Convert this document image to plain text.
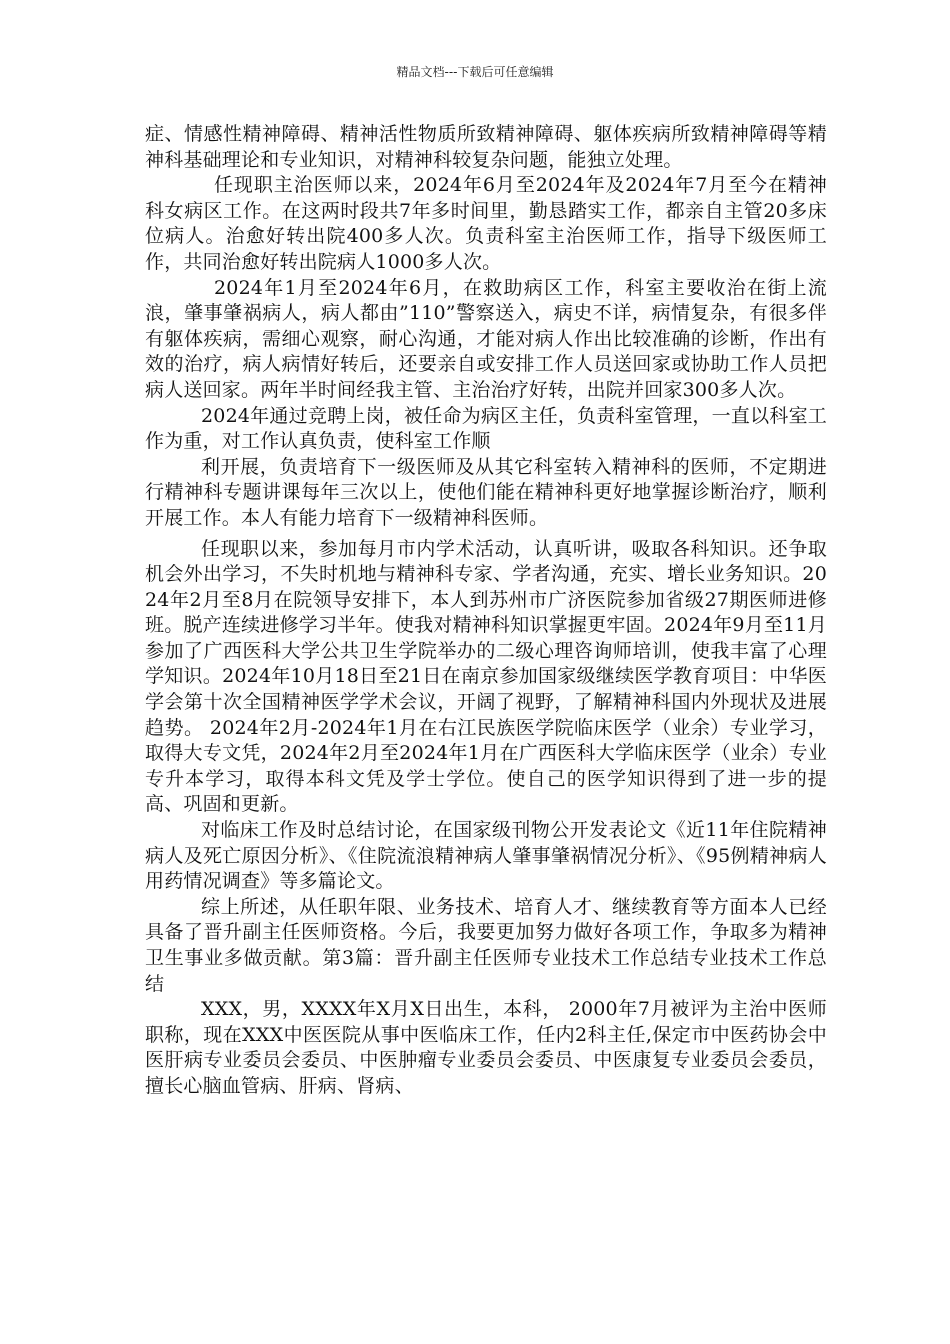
精品文档---下载后可任意编辑

症、情感性精神障碍、精神活性物质所致精神障碍、躯体疾病所致精神障碍等精神科基础理论和专业知识，对精神科较复杂问题，能独立处理。

任现职主治医师以来，2024年6月至2024年及2024年7月至今在精神科女病区工作。在这两时段共7年多时间里，勤恳踏实工作，都亲自主管20多床位病人。治愈好转出院400多人次。负责科室主治医师工作，指导下级医师工作，共同治愈好转出院病人1000多人次。

2024年1月至2024年6月，在救助病区工作，科室主要收治在街上流浪，肇事肇祸病人，病人都由”110”警察送入，病史不详，病情复杂，有很多伴有躯体疾病，需细心观察，耐心沟通，才能对病人作出比较准确的诊断，作出有效的治疗，病人病情好转后，还要亲自或安排工作人员送回家或协助工作人员把病人送回家。两年半时间经我主管、主治治疗好转，出院并回家300多人次。

2024年通过竞聘上岗，被任命为病区主任，负责科室管理，一直以科室工作为重，对工作认真负责，使科室工作顺

利开展，负责培育下一级医师及从其它科室转入精神科的医师，不定期进行精神科专题讲课每年三次以上，使他们能在精神科更好地掌握诊断治疗，顺利开展工作。本人有能力培育下一级精神科医师。

任现职以来，参加每月市内学术活动，认真听讲，吸取各科知识。还争取机会外出学习，不失时机地与精神科专家、学者沟通，充实、增长业务知识。2024年2月至8月在院领导安排下，本人到苏州市广济医院参加省级27期医师进修班。脱产连续进修学习半年。使我对精神科知识掌握更牢固。2024年9月至11月参加了广西医科大学公共卫生学院举办的二级心理咨询师培训，使我丰富了心理学知识。2024年10月18日至21日在南京参加国家级继续医学教育项目：中华医学会第十次全国精神医学学术会议，开阔了视野，了解精神科国内外现状及进展趋势。 2024年2月-2024年1月在右江民族医学院临床医学（业余）专业学习，取得大专文凭，2024年2月至2024年1月在广西医科大学临床医学（业余）专业专升本学习，取得本科文凭及学士学位。使自己的医学知识得到了进一步的提高、巩固和更新。

对临床工作及时总结讨论，在国家级刊物公开发表论文《近11年住院精神病人及死亡原因分析》、《住院流浪精神病人肇事肇祸情况分析》、《95例精神病人用药情况调查》等多篇论文。

综上所述，从任职年限、业务技术、培育人才、继续教育等方面本人已经具备了晋升副主任医师资格。今后，我要更加努力做好各项工作，争取多为精神卫生事业多做贡献。第3篇：晋升副主任医师专业技术工作总结专业技术工作总结

XXX，男，XXXX年X月X日出生，本科， 2000年7月被评为主治中医师职称，现在XXX中医医院从事中医临床工作，任内2科主任,保定市中医药协会中医肝病专业委员会委员、中医肿瘤专业委员会委员、中医康复专业委员会委员，擅长心脑血管病、肝病、肾病、
